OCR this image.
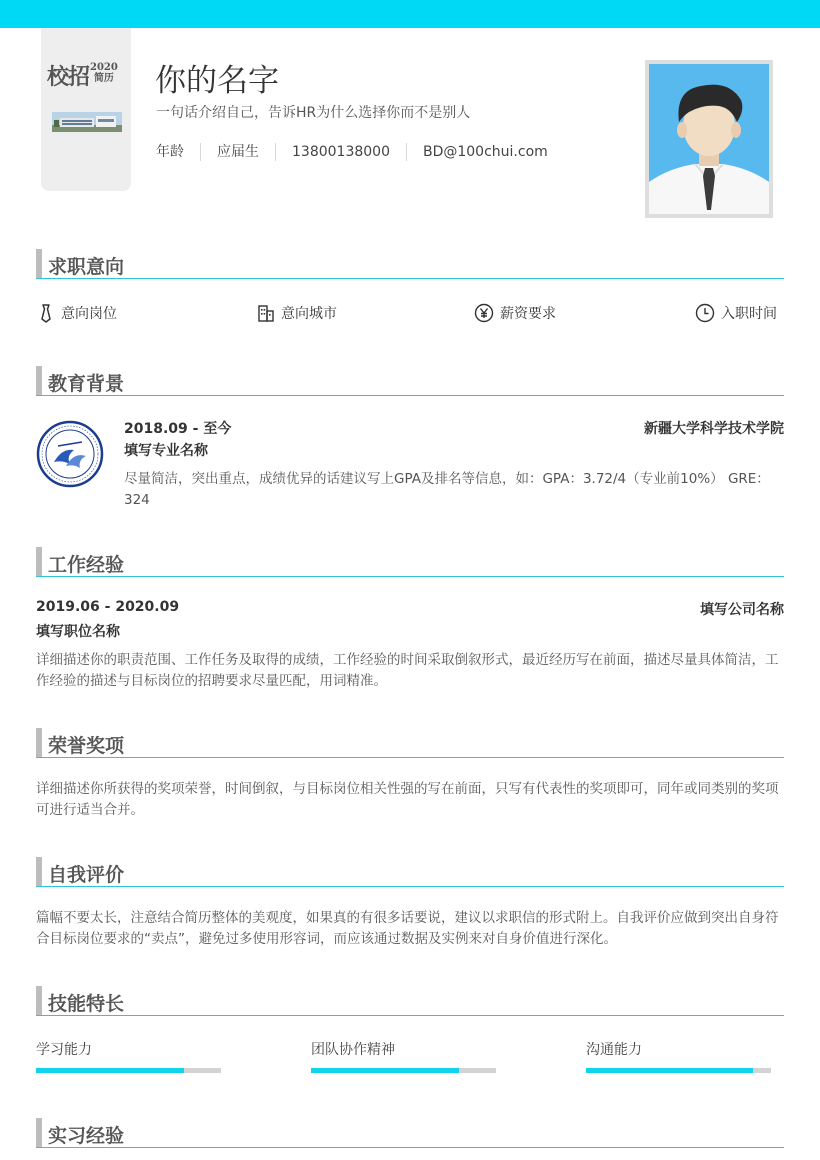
校招2020
简历	你的名字
一句话介绍自己，告诉HR为什么选择你而不是别人
年龄	应届生	13800138000	BD@100chui.com
求职意向
意向岗位	意向城市	薪资要求	入职时间
教育背景
2018.09 - 至今	新疆大学科学技术学院
填写专业名称
尽量简洁，突出重点，成绩优异的话建议写上GPA及排名等信息，如：GPA：3.72/4（专业前10%） GRE：324
工作经验
2019.06 - 2020.09	填写公司名称
填写职位名称
详细描述你的职责范围、工作任务及取得的成绩，工作经验的时间采取倒叙形式，最近经历写在前面，描述尽量具体简洁，工作经验的描述与目标岗位的招聘要求尽量匹配，用词精准。
荣誉奖项
详细描述你所获得的奖项荣誉，时间倒叙，与目标岗位相关性强的写在前面，只写有代表性的奖项即可，同年或同类别的奖项可进行适当合并。
自我评价
篇幅不要太长，注意结合简历整体的美观度，如果真的有很多话要说，建议以求职信的形式附上。自我评价应做到突出自身符合目标岗位要求的“卖点”，避免过多使用形容词，而应该通过数据及实例来对自身价值进行深化。
技能特长
学习能力	团队协作精神	沟通能力
实习经验
